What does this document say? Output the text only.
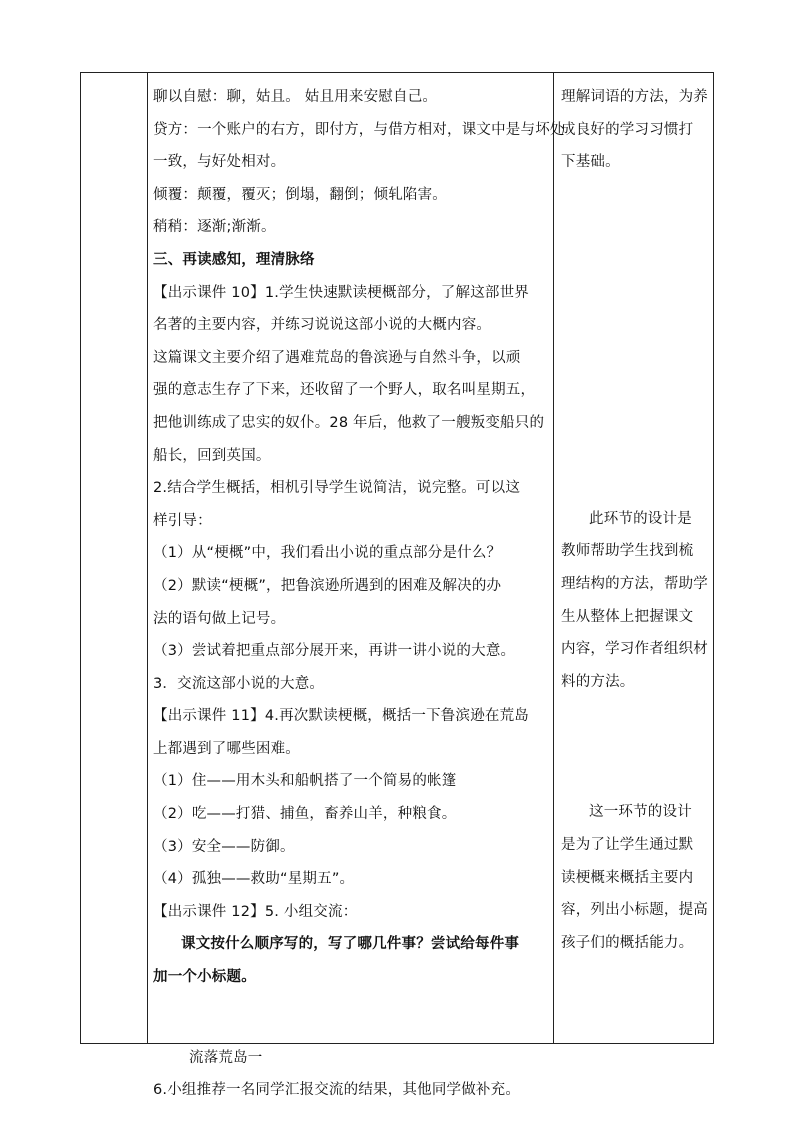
聊以自慰：聊，姑且。 姑且用来安慰自己。
贷方：一个账户的右方，即付方，与借方相对，课文中是与坏处
一致，与好处相对。
倾覆：颠覆，覆灭；倒塌，翻倒；倾轧陷害。
稍稍：逐渐;渐渐。
三、再读感知，理清脉络
【出示课件 10】1.学生快速默读梗概部分，了解这部世界
名著的主要内容，并练习说说这部小说的大概内容。
这篇课文主要介绍了遇难荒岛的鲁滨逊与自然斗争，以顽
强的意志生存了下来，还收留了一个野人，取名叫星期五，
把他训练成了忠实的奴仆。28 年后，他救了一艘叛变船只的
船长，回到英国。
2.结合学生概括，相机引导学生说简洁，说完整。可以这
样引导：
（1）从“梗概”中，我们看出小说的重点部分是什么？
（2）默读“梗概”，把鲁滨逊所遇到的困难及解决的办
法的语句做上记号。
（3）尝试着把重点部分展开来，再讲一讲小说的大意。
3．交流这部小说的大意。
【出示课件 11】4.再次默读梗概，概括一下鲁滨逊在荒岛
上都遇到了哪些困难。
（1）住——用木头和船帆搭了一个简易的帐篷
（2）吃——打猎、捕鱼，畜养山羊，种粮食。
（3）安全——防御。
（4）孤独——救助“星期五”。
【出示课件 12】5. 小组交流：
课文按什么顺序写的，写了哪几件事？尝试给每件事
加一个小标题。
流落荒岛一
6.小组推荐一名同学汇报交流的结果，其他同学做补充。
理解词语的方法，为养
成良好的学习习惯打
下基础。
此环节的设计是
教师帮助学生找到梳
理结构的方法，帮助学
生从整体上把握课文
内容，学习作者组织材
料的方法。
这一环节的设计
是为了让学生通过默
读梗概来概括主要内
容，列出小标题，提高
孩子们的概括能力。
